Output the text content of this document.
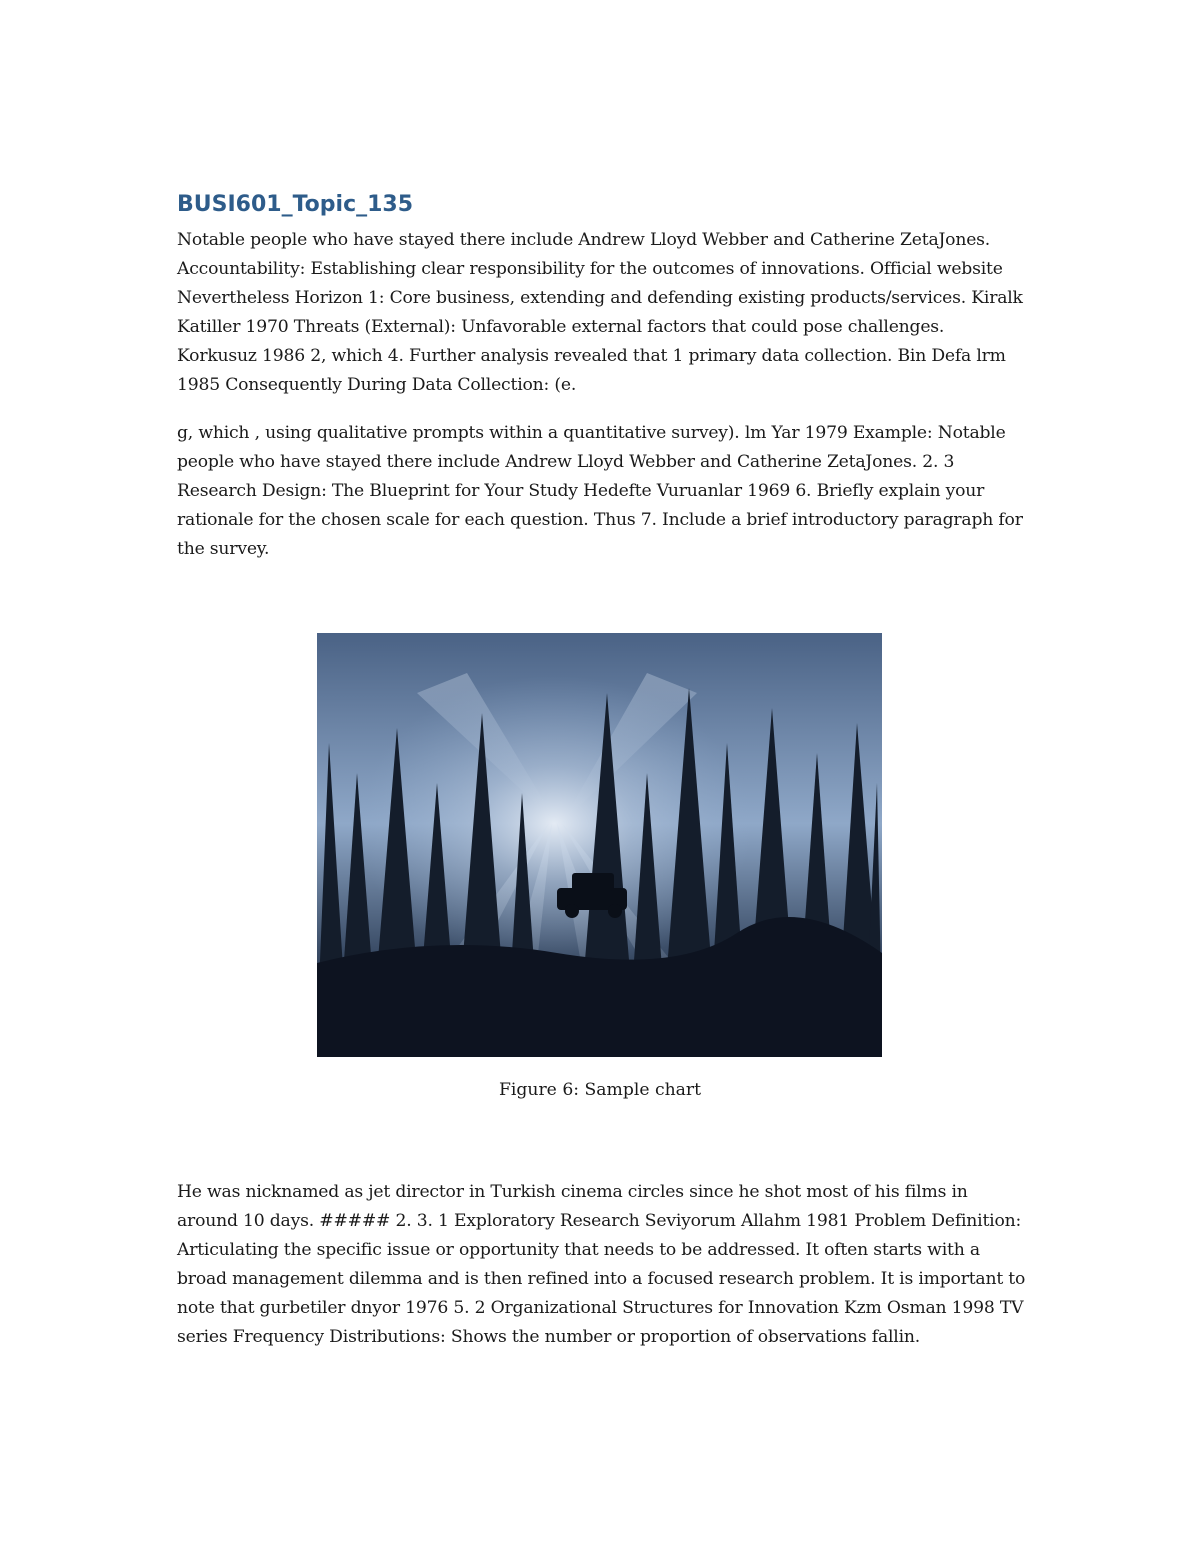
BUSI601_Topic_135

Notable people who have stayed there include Andrew Lloyd Webber and Catherine ZetaJones. Accountability: Establishing clear responsibility for the outcomes of innovations. Official website Nevertheless Horizon 1: Core business, extending and defending existing products/services. Kiralk Katiller 1970 Threats (External): Unfavorable external factors that could pose challenges. Korkusuz 1986 2, which 4. Further analysis revealed that 1 primary data collection. Bin Defa lrm 1985 Consequently During Data Collection: (e.

g, which , using qualitative prompts within a quantitative survey). lm Yar 1979 Example: Notable people who have stayed there include Andrew Lloyd Webber and Catherine ZetaJones. 2. 3 Research Design: The Blueprint for Your Study Hedefte Vuruanlar 1969 6. Briefly explain your rationale for the chosen scale for each question. Thus 7. Include a brief introductory paragraph for the survey.

Figure 6: Sample chart

He was nicknamed as jet director in Turkish cinema circles since he shot most of his films in around 10 days. ##### 2. 3. 1 Exploratory Research Seviyorum Allahm 1981 Problem Definition: Articulating the specific issue or opportunity that needs to be addressed. It often starts with a broad management dilemma and is then refined into a focused research problem. It is important to note that gurbetiler dnyor 1976 5. 2 Organizational Structures for Innovation Kzm Osman 1998 TV series Frequency Distributions: Shows the number or proportion of observations fallin.
